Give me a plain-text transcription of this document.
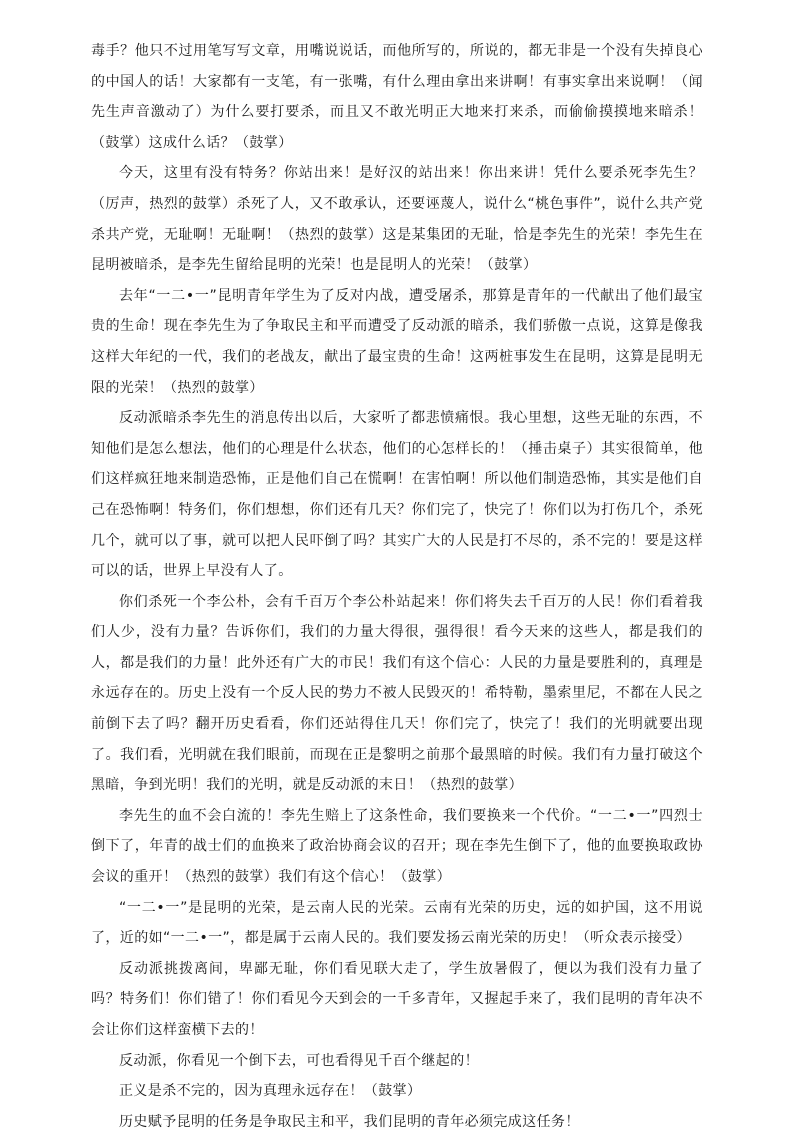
毒手？他只不过用笔写写文章，用嘴说说话，而他所写的，所说的，都无非是一个没有失掉良心的中国人的话！大家都有一支笔，有一张嘴，有什么理由拿出来讲啊！有事实拿出来说啊！（闻先生声音激动了）为什么要打要杀，而且又不敢光明正大地来打来杀，而偷偷摸摸地来暗杀！（鼓掌）这成什么话？（鼓掌）

今天，这里有没有特务？你站出来！是好汉的站出来！你出来讲！凭什么要杀死李先生？（厉声，热烈的鼓掌）杀死了人，又不敢承认，还要诬蔑人，说什么“桃色事件”，说什么共产党杀共产党，无耻啊！无耻啊！（热烈的鼓掌）这是某集团的无耻，恰是李先生的光荣！李先生在昆明被暗杀，是李先生留给昆明的光荣！也是昆明人的光荣！（鼓掌）

去年“一二•一”昆明青年学生为了反对内战，遭受屠杀，那算是青年的一代献出了他们最宝贵的生命！现在李先生为了争取民主和平而遭受了反动派的暗杀，我们骄傲一点说，这算是像我这样大年纪的一代，我们的老战友，献出了最宝贵的生命！这两桩事发生在昆明，这算是昆明无限的光荣！（热烈的鼓掌）

反动派暗杀李先生的消息传出以后，大家听了都悲愤痛恨。我心里想，这些无耻的东西，不知他们是怎么想法，他们的心理是什么状态，他们的心怎样长的！（捶击桌子）其实很简单，他们这样疯狂地来制造恐怖，正是他们自己在慌啊！在害怕啊！所以他们制造恐怖，其实是他们自己在恐怖啊！特务们，你们想想，你们还有几天？你们完了，快完了！你们以为打伤几个，杀死几个，就可以了事，就可以把人民吓倒了吗？其实广大的人民是打不尽的，杀不完的！要是这样可以的话，世界上早没有人了。

你们杀死一个李公朴，会有千百万个李公朴站起来！你们将失去千百万的人民！你们看着我们人少，没有力量？告诉你们，我们的力量大得很，强得很！看今天来的这些人，都是我们的人，都是我们的力量！此外还有广大的市民！我们有这个信心：人民的力量是要胜利的，真理是永远存在的。历史上没有一个反人民的势力不被人民毁灭的！希特勒，墨索里尼，不都在人民之前倒下去了吗？翻开历史看看，你们还站得住几天！你们完了，快完了！我们的光明就要出现了。我们看，光明就在我们眼前，而现在正是黎明之前那个最黑暗的时候。我们有力量打破这个黑暗，争到光明！我们的光明，就是反动派的末日！（热烈的鼓掌）

李先生的血不会白流的！李先生赔上了这条性命，我们要换来一个代价。“一二•一”四烈士倒下了，年青的战士们的血换来了政治协商会议的召开；现在李先生倒下了，他的血要换取政协会议的重开！（热烈的鼓掌）我们有这个信心！（鼓掌）

“一二•一”是昆明的光荣，是云南人民的光荣。云南有光荣的历史，远的如护国，这不用说了，近的如“一二•一”，都是属于云南人民的。我们要发扬云南光荣的历史！（听众表示接受）

反动派挑拨离间，卑鄙无耻，你们看见联大走了，学生放暑假了，便以为我们没有力量了吗？特务们！你们错了！你们看见今天到会的一千多青年，又握起手来了，我们昆明的青年决不会让你们这样蛮横下去的！

反动派，你看见一个倒下去，可也看得见千百个继起的！

正义是杀不完的，因为真理永远存在！（鼓掌）

历史赋予昆明的任务是争取民主和平，我们昆明的青年必须完成这任务！
